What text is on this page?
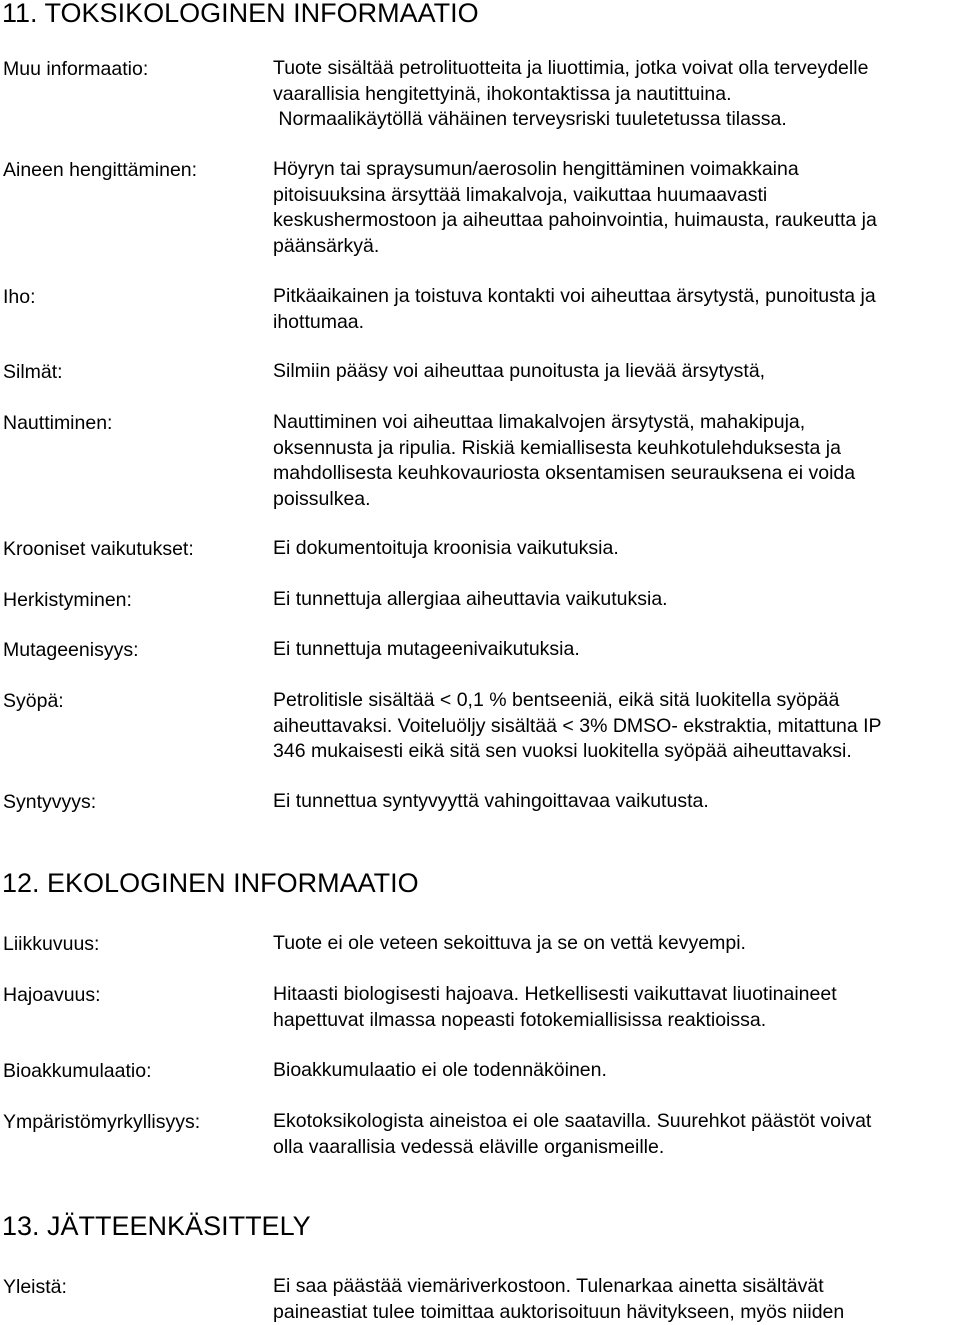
11. TOKSIKOLOGINEN INFORMAATIO
Muu informaatio:	Tuote sisältää petrolituotteita ja liuottimia, jotka voivat olla terveydelle
vaarallisia hengitettyinä, ihokontaktissa ja nautittuina.
Normaalikäytöllä vähäinen terveysriski tuuletetussa tilassa.
Aineen hengittäminen:	Höyryn tai spraysumun/aerosolin hengittäminen voimakkaina
pitoisuuksina ärsyttää limakalvoja, vaikuttaa huumaavasti
keskushermostoon ja aiheuttaa pahoinvointia, huimausta, raukeutta ja
päänsärkyä.
Iho:	Pitkäaikainen ja toistuva kontakti voi aiheuttaa ärsytystä, punoitusta ja
ihottumaa.
Silmät:	Silmiin pääsy voi aiheuttaa punoitusta ja lievää ärsytystä,
Nauttiminen:	Nauttiminen voi aiheuttaa limakalvojen ärsytystä, mahakipuja,
oksennusta ja ripulia. Riskiä kemiallisesta keuhkotulehduksesta ja
mahdollisesta keuhkovauriosta oksentamisen seurauksena ei voida
poissulkea.
Krooniset vaikutukset:	Ei dokumentoituja kroonisia vaikutuksia.
Herkistyminen:	Ei tunnettuja allergiaa aiheuttavia vaikutuksia.
Mutageenisyys:	Ei tunnettuja mutageenivaikutuksia.
Syöpä:	Petrolitisle sisältää < 0,1 % bentseeniä, eikä sitä luokitella syöpää
aiheuttavaksi. Voiteluöljy sisältää < 3% DMSO- ekstraktia, mitattuna IP
346 mukaisesti eikä sitä sen vuoksi luokitella syöpää aiheuttavaksi.
Syntyvyys:	Ei tunnettua syntyvyyttä vahingoittavaa vaikutusta.
12. EKOLOGINEN INFORMAATIO
Liikkuvuus:	Tuote ei ole veteen sekoittuva ja se on vettä kevyempi.
Hajoavuus:	Hitaasti biologisesti hajoava. Hetkellisesti vaikuttavat liuotinaineet
hapettuvat ilmassa nopeasti fotokemiallisissa reaktioissa.
Bioakkumulaatio:	Bioakkumulaatio ei ole todennäköinen.
Ympäristömyrkyllisyys:	Ekotoksikologista aineistoa ei ole saatavilla. Suurehkot päästöt voivat
olla vaarallisia vedessä eläville organismeille.
13. JÄTTEENKÄSITTELY
Yleistä:	Ei saa päästää viemäriverkostoon. Tulenarkaa ainetta sisältävät
paineastiat tulee toimittaa auktorisoituun hävitykseen, myös niiden
